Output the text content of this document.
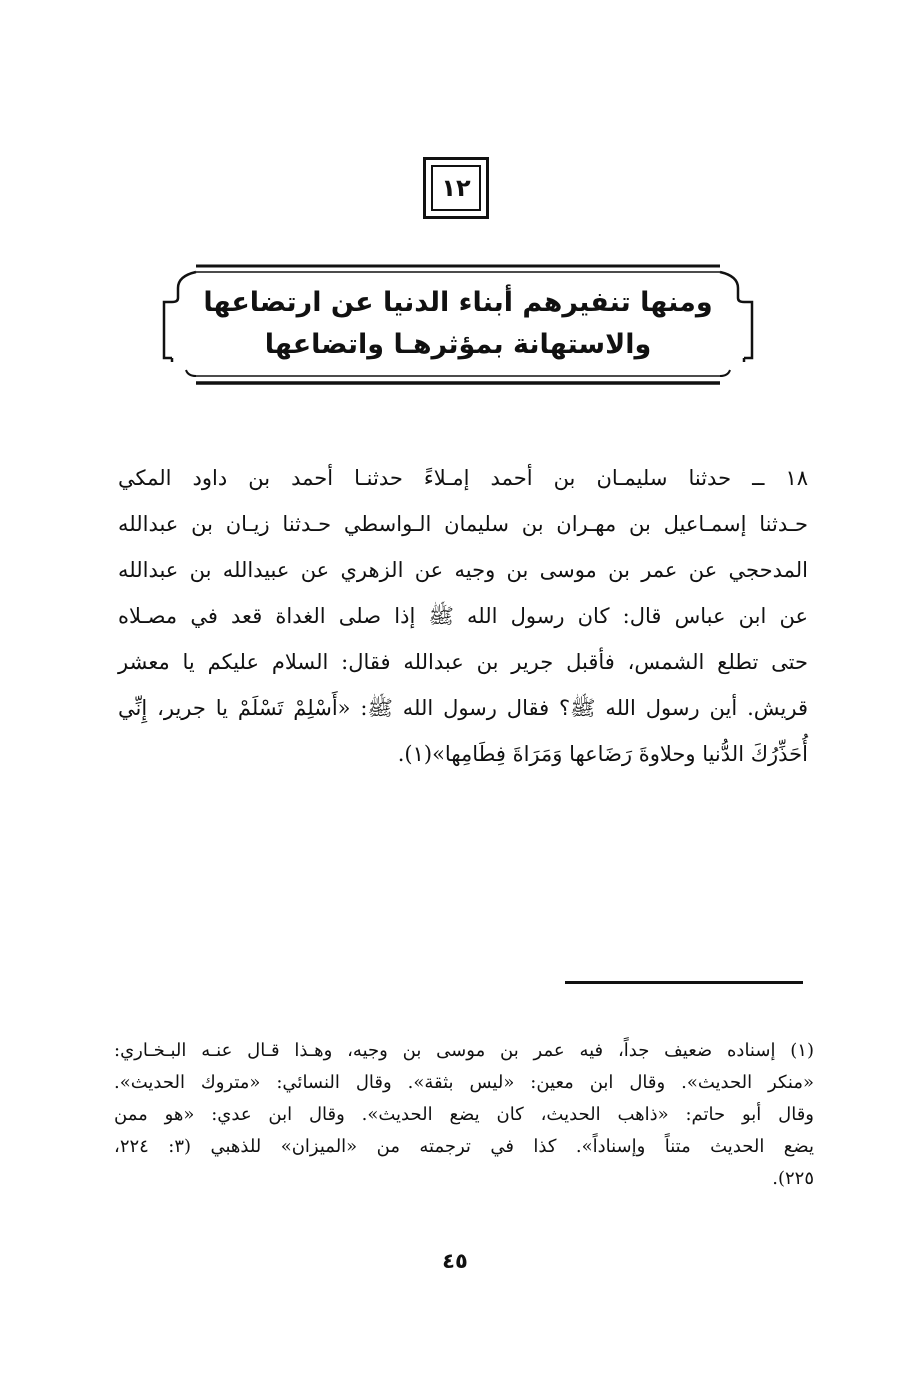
١٢
ومنها تنفيرهم أبناء الدنيا عن ارتضاعها
والاستهانة بمؤثرهـا واتضاعها
١٨ ــ حدثنا سليمـان بن أحمد إمـلاءً حدثنـا أحمد بن داود المكي
حـدثنا إسمـاعيل بن مهـران بن سليمان الـواسطي حـدثنا زيـان بن عبدالله
المدحجي عن عمر بن موسى بن وجيه عن الزهري عن عبيدالله بن عبدالله
عن ابن عباس قال: كان رسول الله ﷺ إذا صلى الغداة قعد في مصـلاه
حتى تطلع الشمس، فأقبل جرير بن عبدالله فقال: السلام عليكم يا معشر
قريش. أين رسول الله ﷺ؟ فقال رسول الله ﷺ: «أَسْلِمْ تَسْلَمْ يا جرير، إِنِّي
أُحَذِّرُكَ الدُّنيا وحلاوةَ رَضَاعها وَمَرَاةَ فِطَامِها»(١).
(١) إسناده ضعيف جداً، فيه عمر بن موسى بن وجيه، وهـذا قـال عنـه البـخـاري:
«منكر الحديث». وقال ابن معين: «ليس بثقة». وقال النسائي: «متروك الحديث».
وقال أبو حاتم: «ذاهب الحديث، كان يضع الحديث». وقال ابن عدي: «هو ممن
يضع الحديث متناً وإسناداً». كذا في ترجمته من «الميزان» للذهبي (٣: ٢٢٤،
٢٢٥).
٤٥
